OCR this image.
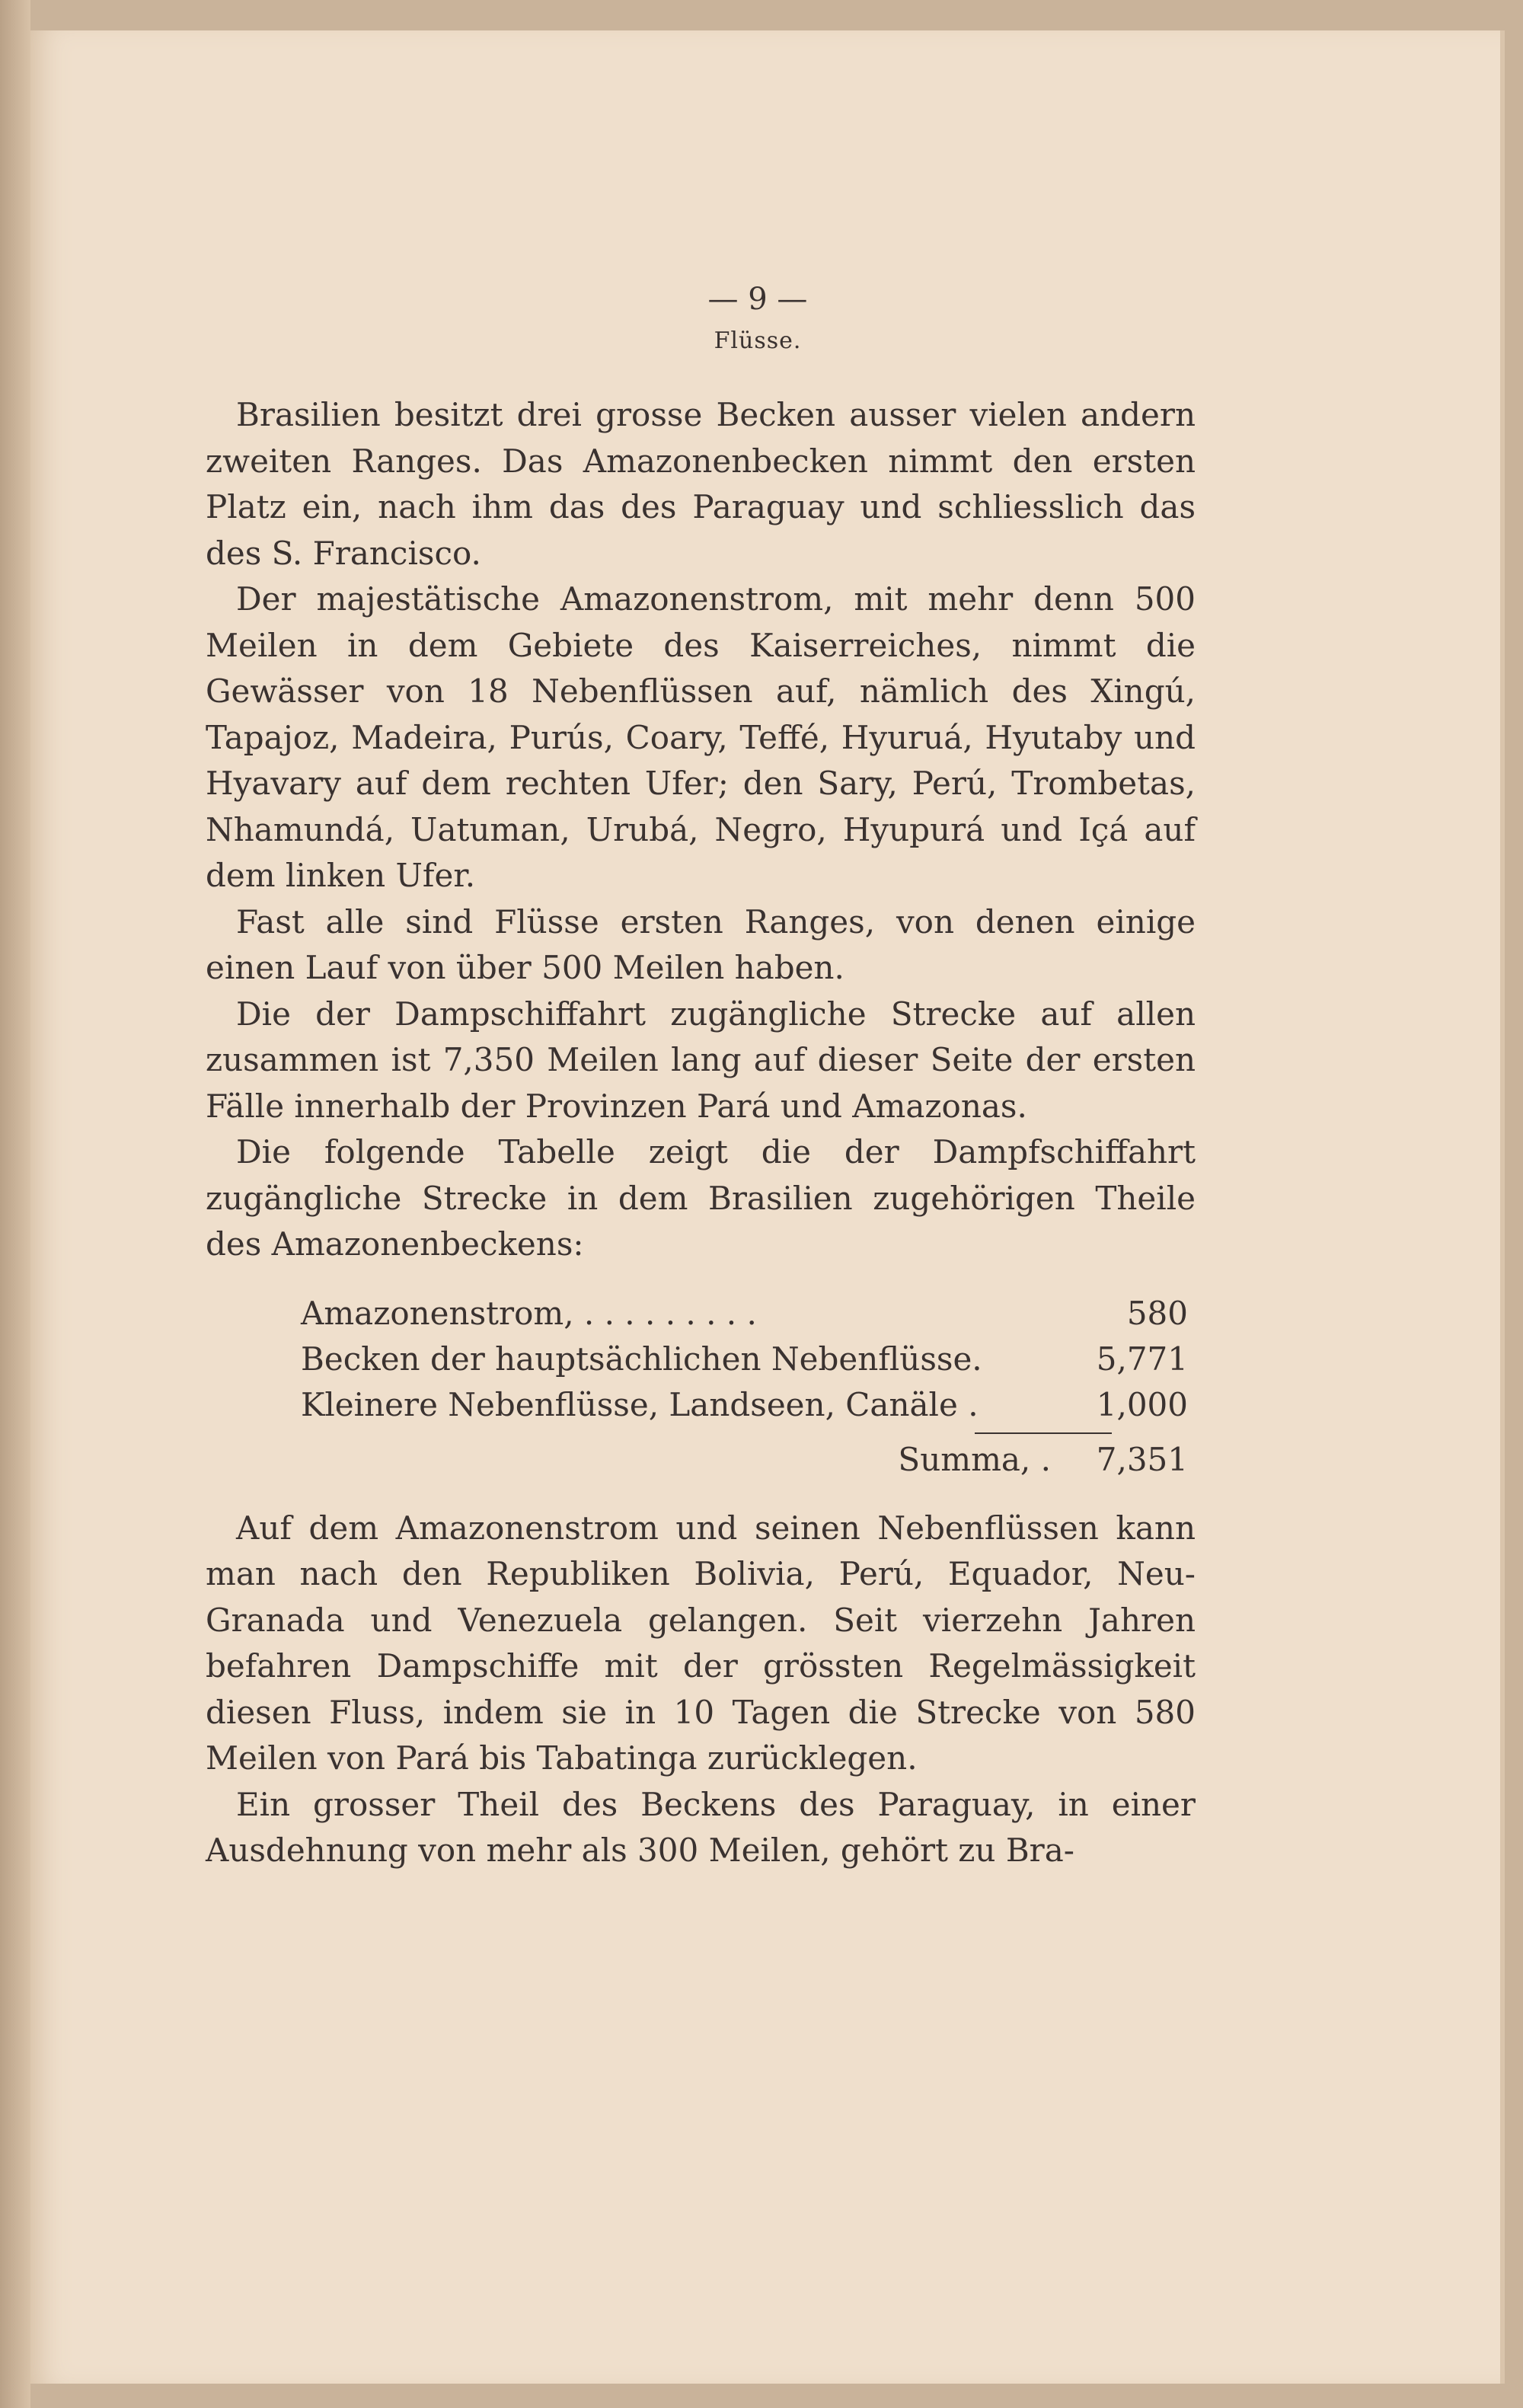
— 9 —
Flüsse.

Brasilien besitzt drei grosse Becken ausser vielen andern zweiten Ranges. Das Amazonenbecken nimmt den ersten Platz ein, nach ihm das des Paraguay und schliesslich das des S. Francisco.

Der majestätische Amazonenstrom, mit mehr denn 500 Meilen in dem Gebiete des Kaiserreiches, nimmt die Gewässer von 18 Nebenflüssen auf, nämlich des Xingú, Tapajoz, Madeira, Purús, Coary, Teffé, Hyuruá, Hyutaby und Hyavary auf dem rechten Ufer; den Sary, Perú, Trombetas, Nhamundá, Uatuman, Urubá, Negro, Hyupurá und Içá auf dem linken Ufer.

Fast alle sind Flüsse ersten Ranges, von denen einige einen Lauf von über 500 Meilen haben.

Die der Dampschiffahrt zugängliche Strecke auf allen zusammen ist 7,350 Meilen lang auf dieser Seite der ersten Fälle innerhalb der Provinzen Pará und Amazonas.

Die folgende Tabelle zeigt die der Dampfschiffahrt zugängliche Strecke in dem Brasilien zugehörigen Theile des Amazonenbeckens:

Amazonenstrom, . . . . . . . . .	580
Becken der hauptsächlichen Nebenflüsse.	5,771
Kleinere Nebenflüsse, Landseen, Canäle .	1,000
Summa, .	7,351

Auf dem Amazonenstrom und seinen Nebenflüssen kann man nach den Republiken Bolivia, Perú, Equador, Neu-Granada und Venezuela gelangen. Seit vierzehn Jahren befahren Dampschiffe mit der grössten Regelmässigkeit diesen Fluss, indem sie in 10 Tagen die Strecke von 580 Meilen von Pará bis Tabatinga zurücklegen.

Ein grosser Theil des Beckens des Paraguay, in einer Ausdehnung von mehr als 300 Meilen, gehört zu Bra-
